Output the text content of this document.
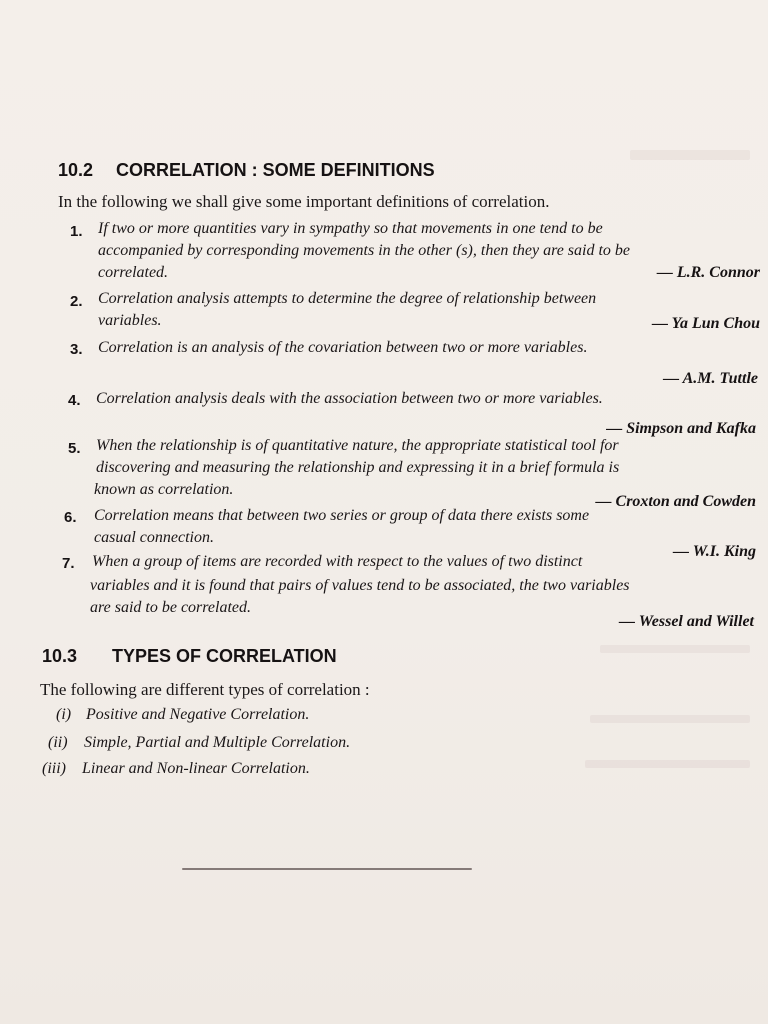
10.2 CORRELATION : SOME DEFINITIONS
In the following we shall give some important definitions of correlation.
1. If two or more quantities vary in sympathy so that movements in one tend to be
accompanied by corresponding movements in the other (s), then they are said to be
correlated.	— L.R. Connor
2. Correlation analysis attempts to determine the degree of relationship between
variables.	— Ya Lun Chou
3. Correlation is an analysis of the covariation between two or more variables.
— A.M. Tuttle
4. Correlation analysis deals with the association between two or more variables.
— Simpson and Kafka
5. When the relationship is of quantitative nature, the appropriate statistical tool for
discovering and measuring the relationship and expressing it in a brief formula is
known as correlation.
— Croxton and Cowden
6. Correlation means that between two series or group of data there exists some
casual connection.
— W.I. King
7. When a group of items are recorded with respect to the values of two distinct
variables and it is found that pairs of values tend to be associated, the two variables
are said to be correlated.
— Wessel and Willet
10.3 TYPES OF CORRELATION
The following are different types of correlation :
(i) Positive and Negative Correlation.
(ii) Simple, Partial and Multiple Correlation.
(iii) Linear and Non-linear Correlation.
